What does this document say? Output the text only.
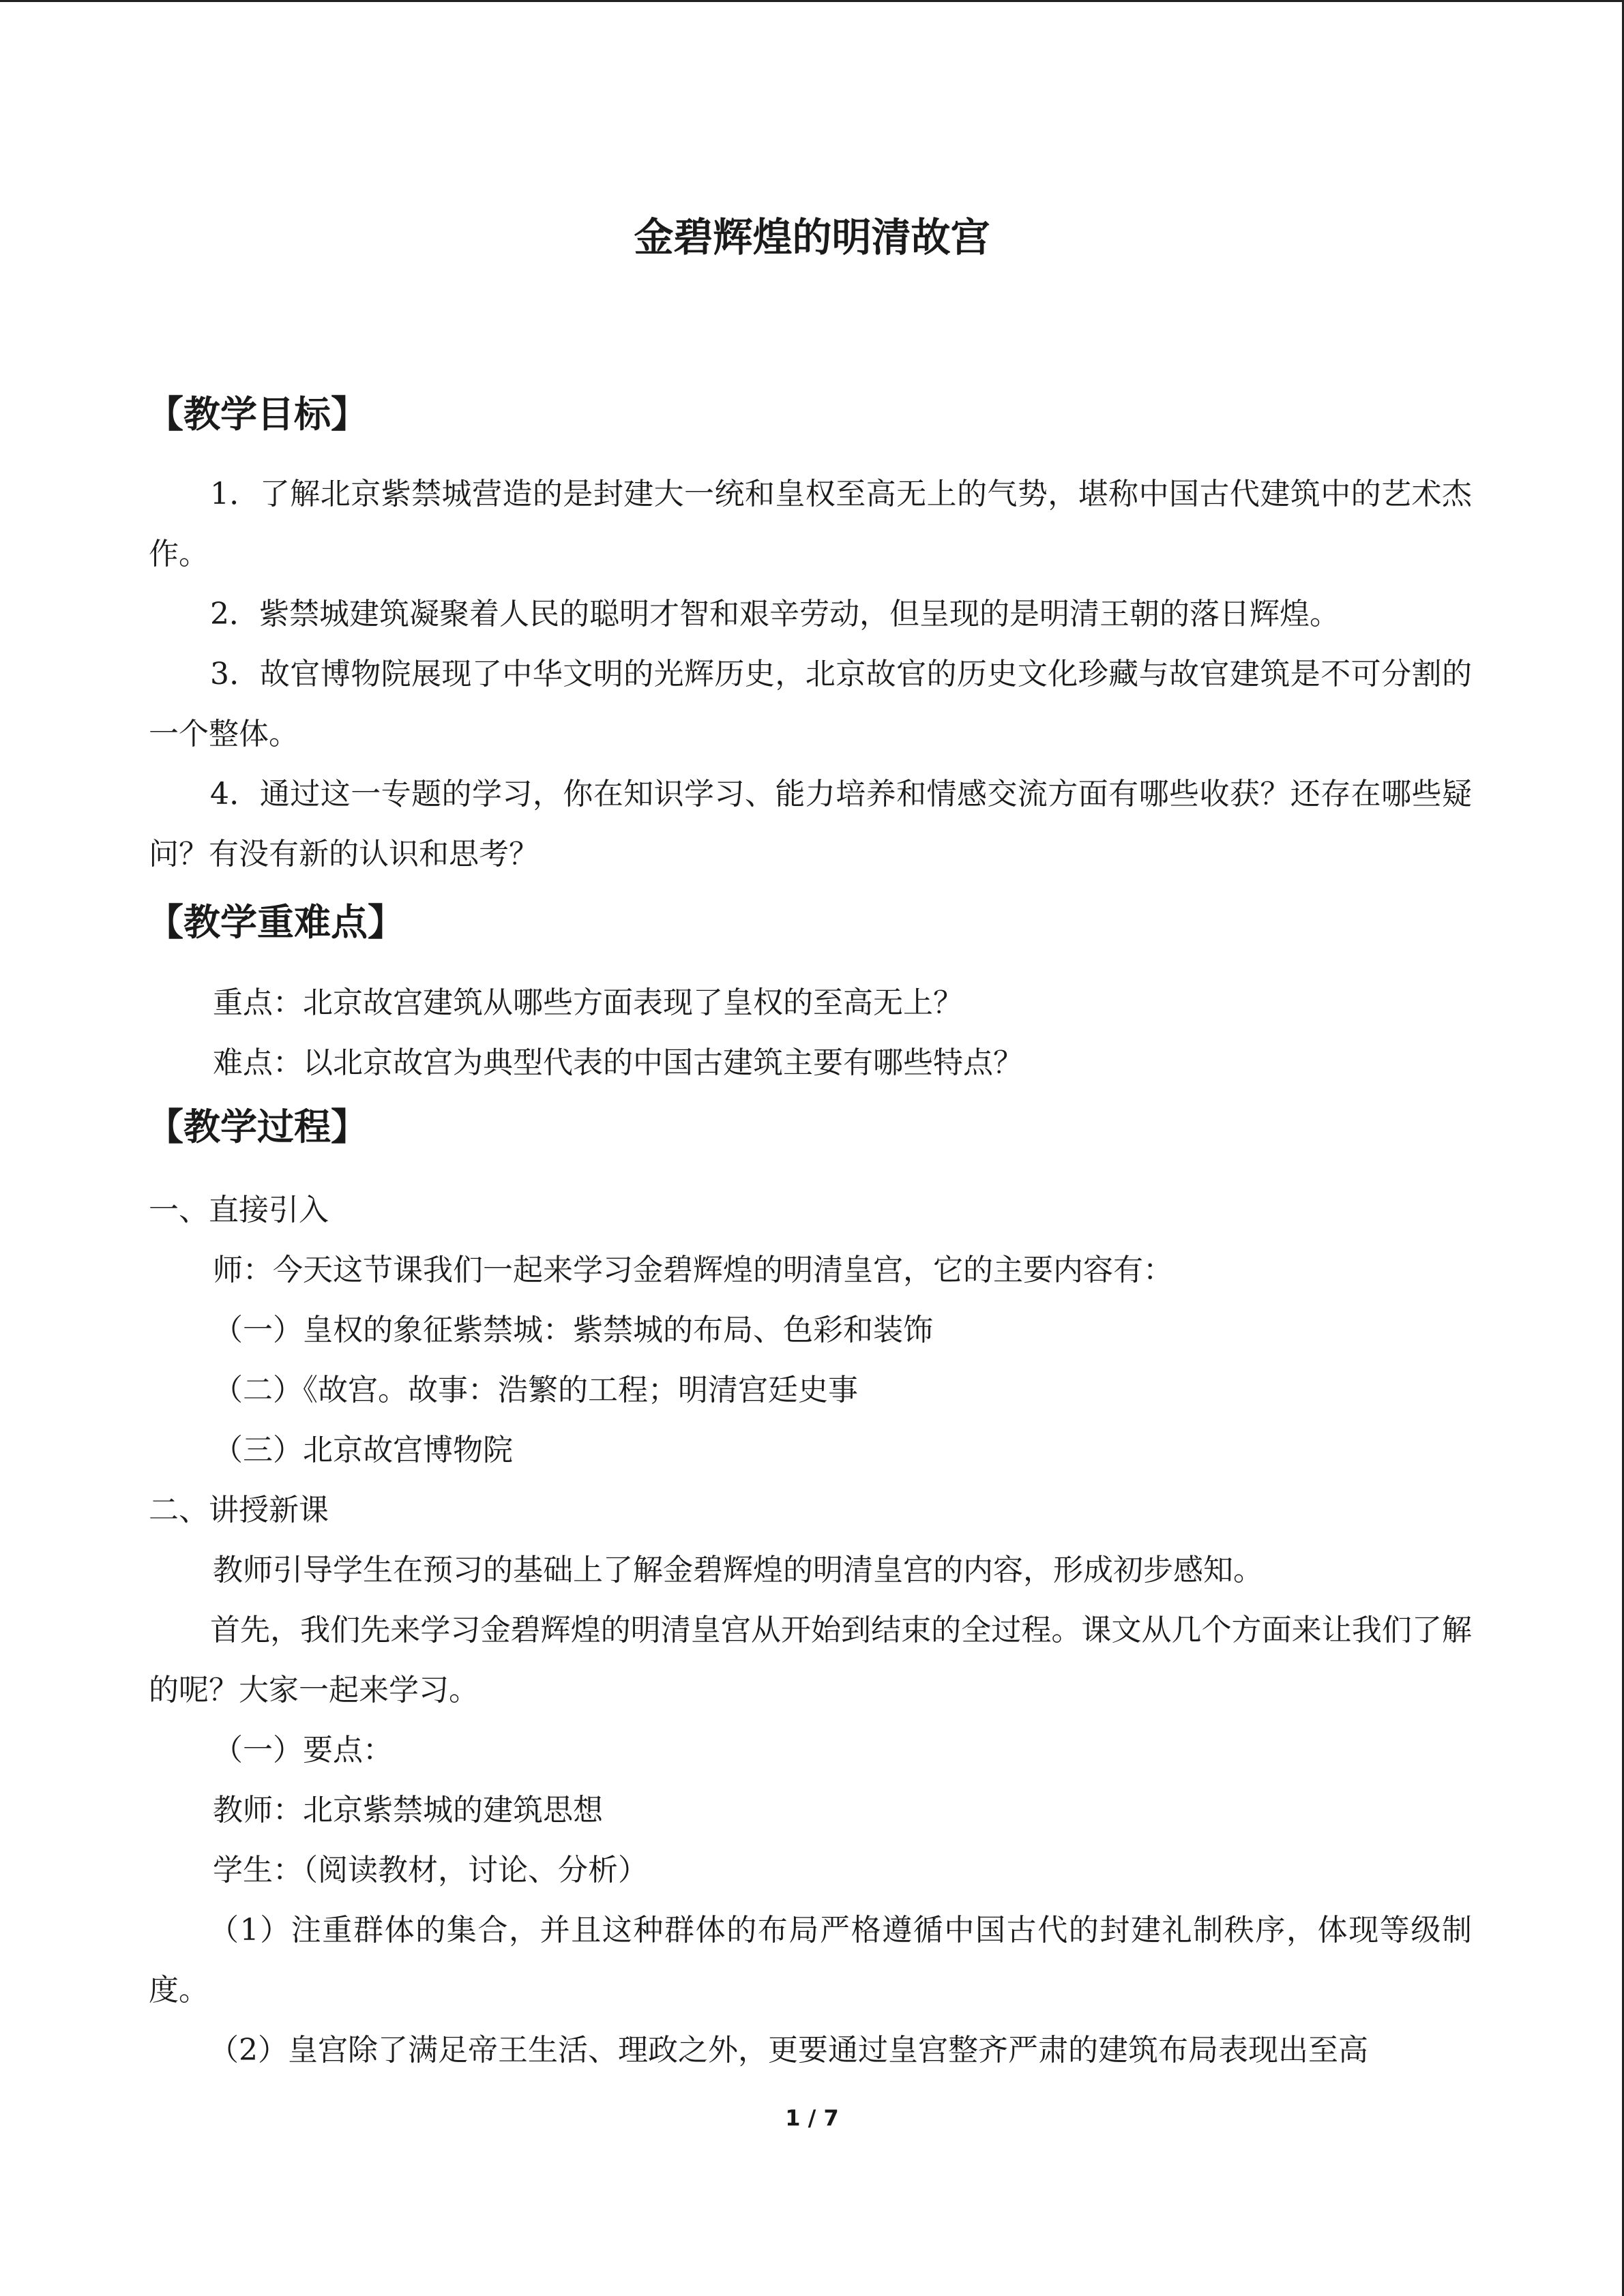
金碧辉煌的明清故宫
【教学目标】
1．了解北京紫禁城营造的是封建大一统和皇权至高无上的气势，堪称中国古代建筑中的艺术杰作。
2．紫禁城建筑凝聚着人民的聪明才智和艰辛劳动，但呈现的是明清王朝的落日辉煌。
3．故官博物院展现了中华文明的光辉历史，北京故官的历史文化珍藏与故官建筑是不可分割的一个整体。
4．通过这一专题的学习，你在知识学习、能力培养和情感交流方面有哪些收获？还存在哪些疑问？有没有新的认识和思考？
【教学重难点】
重点：北京故宫建筑从哪些方面表现了皇权的至高无上？
难点：以北京故宫为典型代表的中国古建筑主要有哪些特点？
【教学过程】
一、直接引入
师：今天这节课我们一起来学习金碧辉煌的明清皇宫，它的主要内容有：
（一）皇权的象征紫禁城：紫禁城的布局、色彩和装饰
（二）《故宫。故事：浩繁的工程；明清宫廷史事
（三）北京故宫博物院
二、讲授新课
教师引导学生在预习的基础上了解金碧辉煌的明清皇宫的内容，形成初步感知。
首先，我们先来学习金碧辉煌的明清皇宫从开始到结束的全过程。课文从几个方面来让我们了解的呢？大家一起来学习。
（一）要点：
教师：北京紫禁城的建筑思想
学生：（阅读教材，讨论、分析）
（1）注重群体的集合，并且这种群体的布局严格遵循中国古代的封建礼制秩序，体现等级制度。
（2）皇宫除了满足帝王生活、理政之外，更要通过皇宫整齐严肃的建筑布局表现出至高
1 / 7
